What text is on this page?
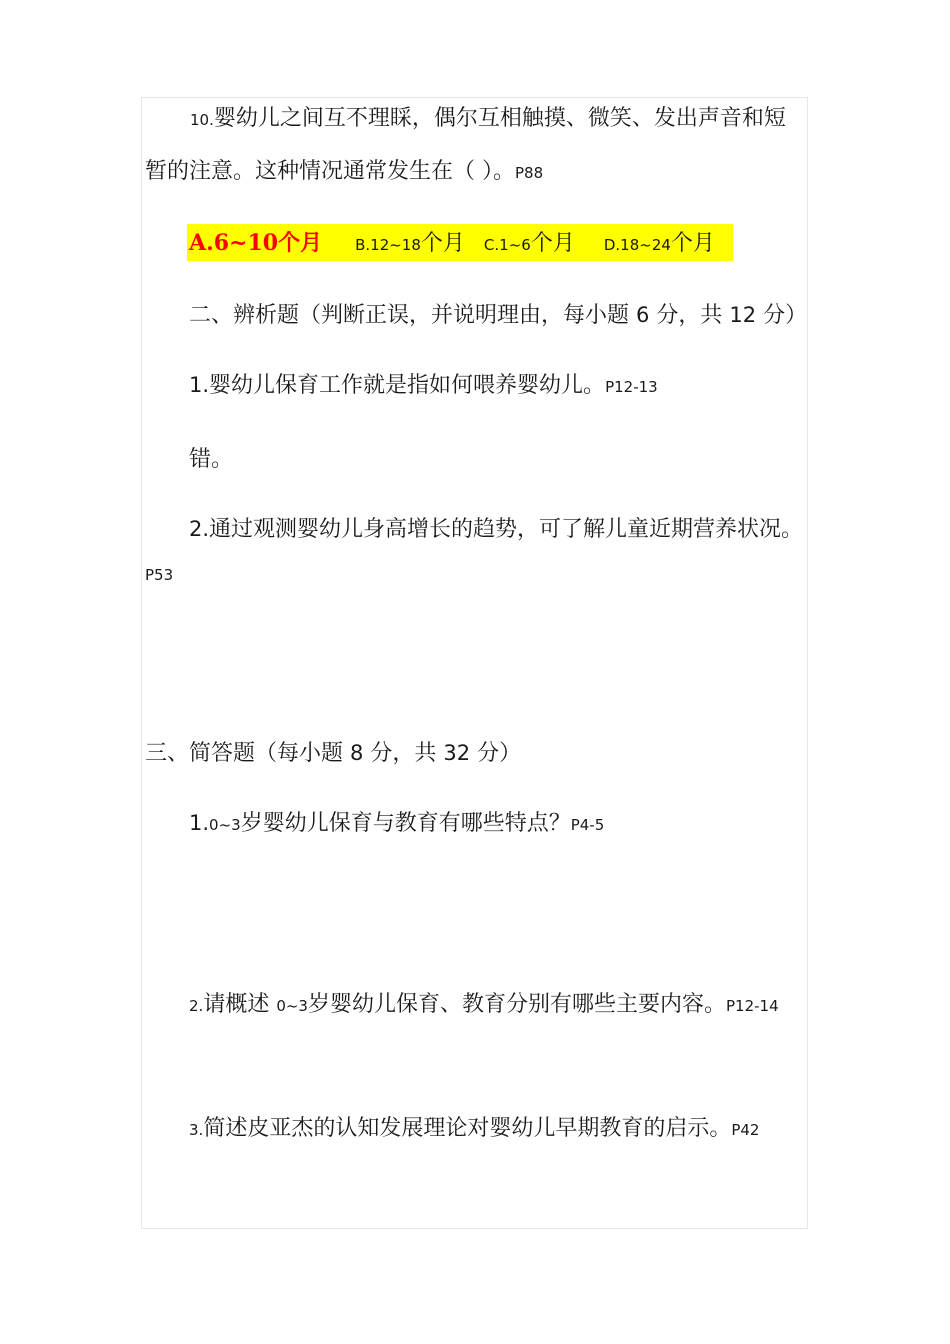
10.婴幼儿之间互不理睬，偶尔互相触摸、微笑、发出声音和短
暂的注意。这种情况通常发生在（ ）。P88
A.6~10个月 B.12~18个月 C.1~6个月 D.18~24个月
二、辨析题（判断正误，并说明理由，每小题 6 分，共 12 分）
1.婴幼儿保育工作就是指如何喂养婴幼儿。P12-13
错。
2.通过观测婴幼儿身高增长的趋势，可了解儿童近期营养状况。
P53
三、简答题（每小题 8 分，共 32 分）
1.0~3岁婴幼儿保育与教育有哪些特点？P4-5
2.请概述 0~3岁婴幼儿保育、教育分别有哪些主要内容。P12-14
3.简述皮亚杰的认知发展理论对婴幼儿早期教育的启示。P42
